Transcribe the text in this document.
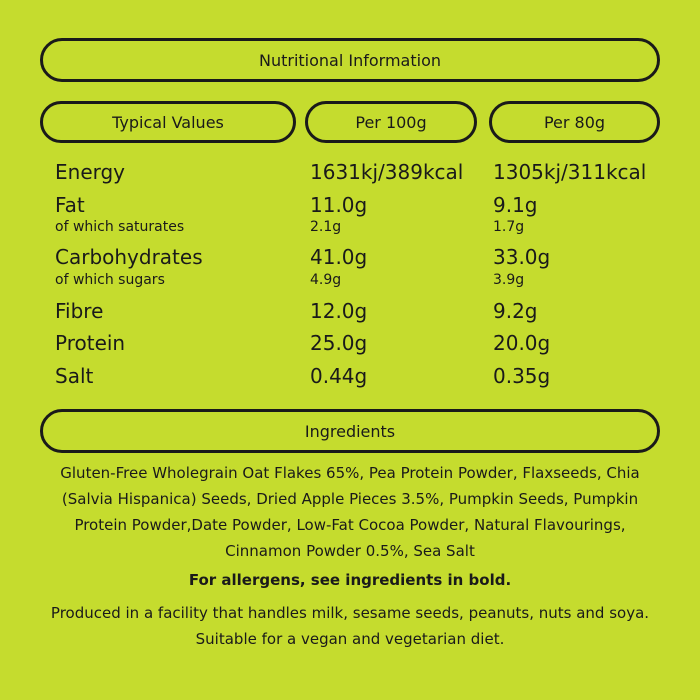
Nutritional Information
Typical Values	Per 100g	Per 80g
Energy	1631kj/389kcal 1305kj/311kcal
Fat	11.0g	9.1g
of which saturates	2.1g	1.7g
Carbohydrates	41.0g	33.0g
of which sugars	4.9g	3.9g
Fibre	12.0g	9.2g
Protein	25.0g	20.0g
Salt	0.44g	0.35g
Ingredients
Gluten-Free Wholegrain Oat Flakes 65%, Pea Protein Powder, Flaxseeds, Chia (Salvia Hispanica) Seeds, Dried Apple Pieces 3.5%, Pumpkin Seeds, Pumpkin Protein Powder,Date Powder, Low-Fat Cocoa Powder, Natural Flavourings, Cinnamon Powder 0.5%, Sea Salt
For allergens, see ingredients in bold.
Produced in a facility that handles milk, sesame seeds, peanuts, nuts and soya. Suitable for a vegan and vegetarian diet.
